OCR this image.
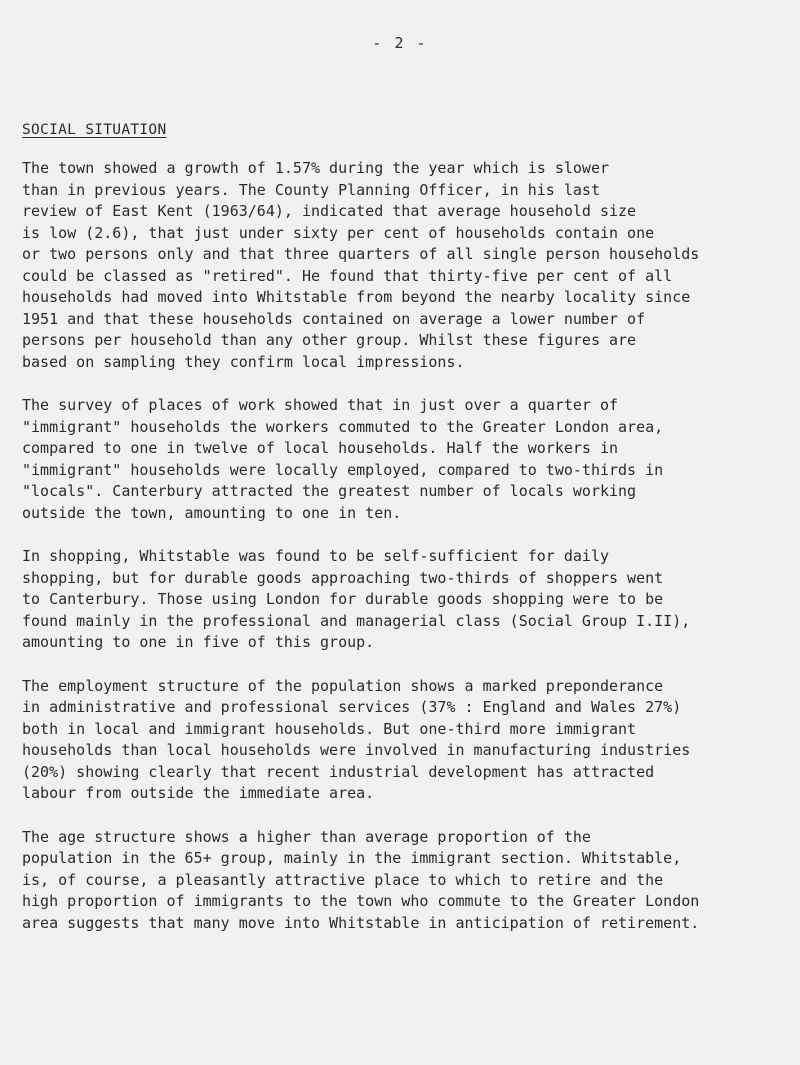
- 2 -
SOCIAL SITUATION

The town showed a growth of 1.57% during the year which is slower
than in previous years. The County Planning Officer, in his last
review of East Kent (1963/64), indicated that average household size
is low (2.6), that just under sixty per cent of households contain one
or two persons only and that three quarters of all single person households
could be classed as "retired". He found that thirty-five per cent of all
households had moved into Whitstable from beyond the nearby locality since
1951 and that these households contained on average a lower number of
persons per household than any other group. Whilst these figures are
based on sampling they confirm local impressions.

The survey of places of work showed that in just over a quarter of
"immigrant" households the workers commuted to the Greater London area,
compared to one in twelve of local households. Half the workers in
"immigrant" households were locally employed, compared to two-thirds in
"locals". Canterbury attracted the greatest number of locals working
outside the town, amounting to one in ten.

In shopping, Whitstable was found to be self-sufficient for daily
shopping, but for durable goods approaching two-thirds of shoppers went
to Canterbury. Those using London for durable goods shopping were to be
found mainly in the professional and managerial class (Social Group I.II),
amounting to one in five of this group.

The employment structure of the population shows a marked preponderance
in administrative and professional services (37% : England and Wales 27%)
both in local and immigrant households. But one-third more immigrant
households than local households were involved in manufacturing industries
(20%) showing clearly that recent industrial development has attracted
labour from outside the immediate area.

The age structure shows a higher than average proportion of the
population in the 65+ group, mainly in the immigrant section. Whitstable,
is, of course, a pleasantly attractive place to which to retire and the
high proportion of immigrants to the town who commute to the Greater London
area suggests that many move into Whitstable in anticipation of retirement.
